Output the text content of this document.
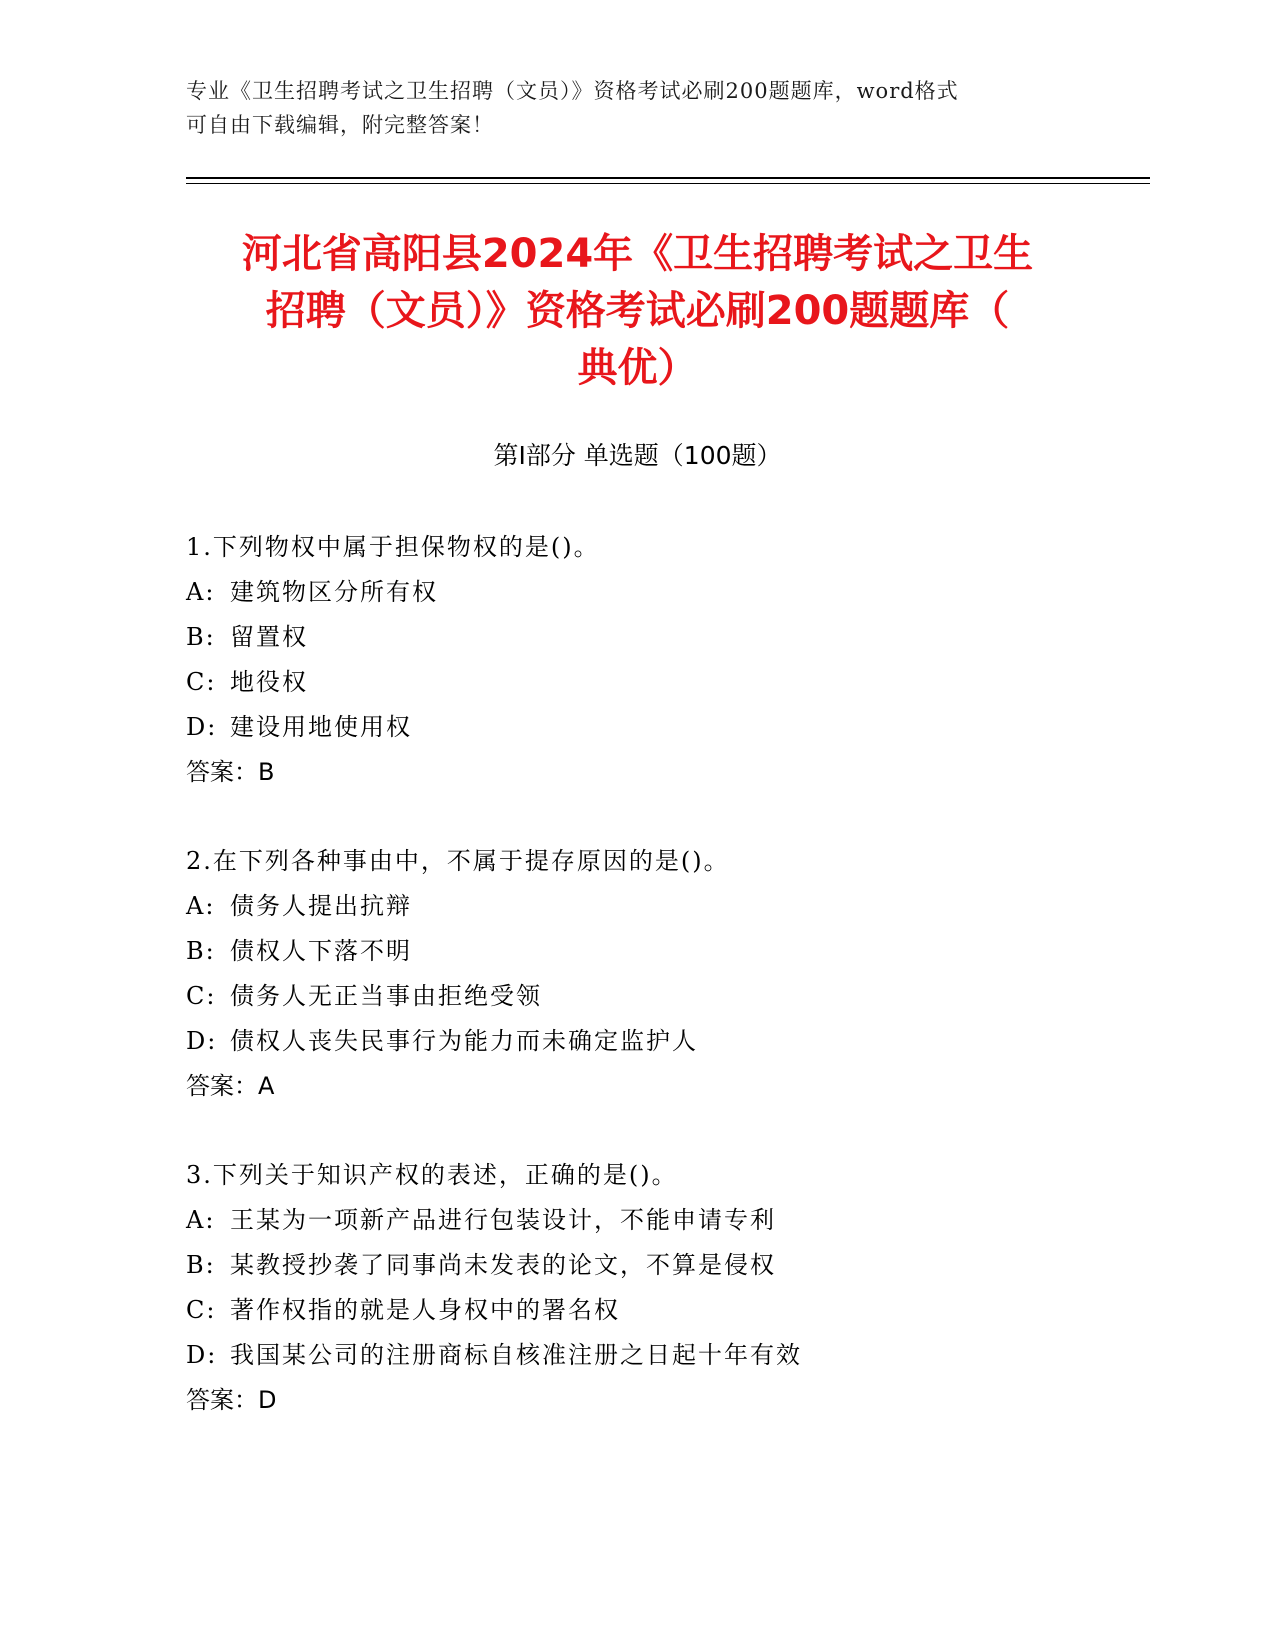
专业《卫生招聘考试之卫生招聘（文员）》资格考试必刷200题题库，word格式
可自由下载编辑，附完整答案！
河北省高阳县2024年《卫生招聘考试之卫生
招聘（文员）》资格考试必刷200题题库（
典优）
第Ⅰ部分 单选题（100题）
1.下列物权中属于担保物权的是()。
A: 建筑物区分所有权
B: 留置权
C: 地役权
D: 建设用地使用权
答案：B
2.在下列各种事由中，不属于提存原因的是()。
A: 债务人提出抗辩
B: 债权人下落不明
C: 债务人无正当事由拒绝受领
D: 债权人丧失民事行为能力而未确定监护人
答案：A
3.下列关于知识产权的表述，正确的是()。
A: 王某为一项新产品进行包装设计，不能申请专利
B: 某教授抄袭了同事尚未发表的论文，不算是侵权
C: 著作权指的就是人身权中的署名权
D: 我国某公司的注册商标自核准注册之日起十年有效
答案：D
